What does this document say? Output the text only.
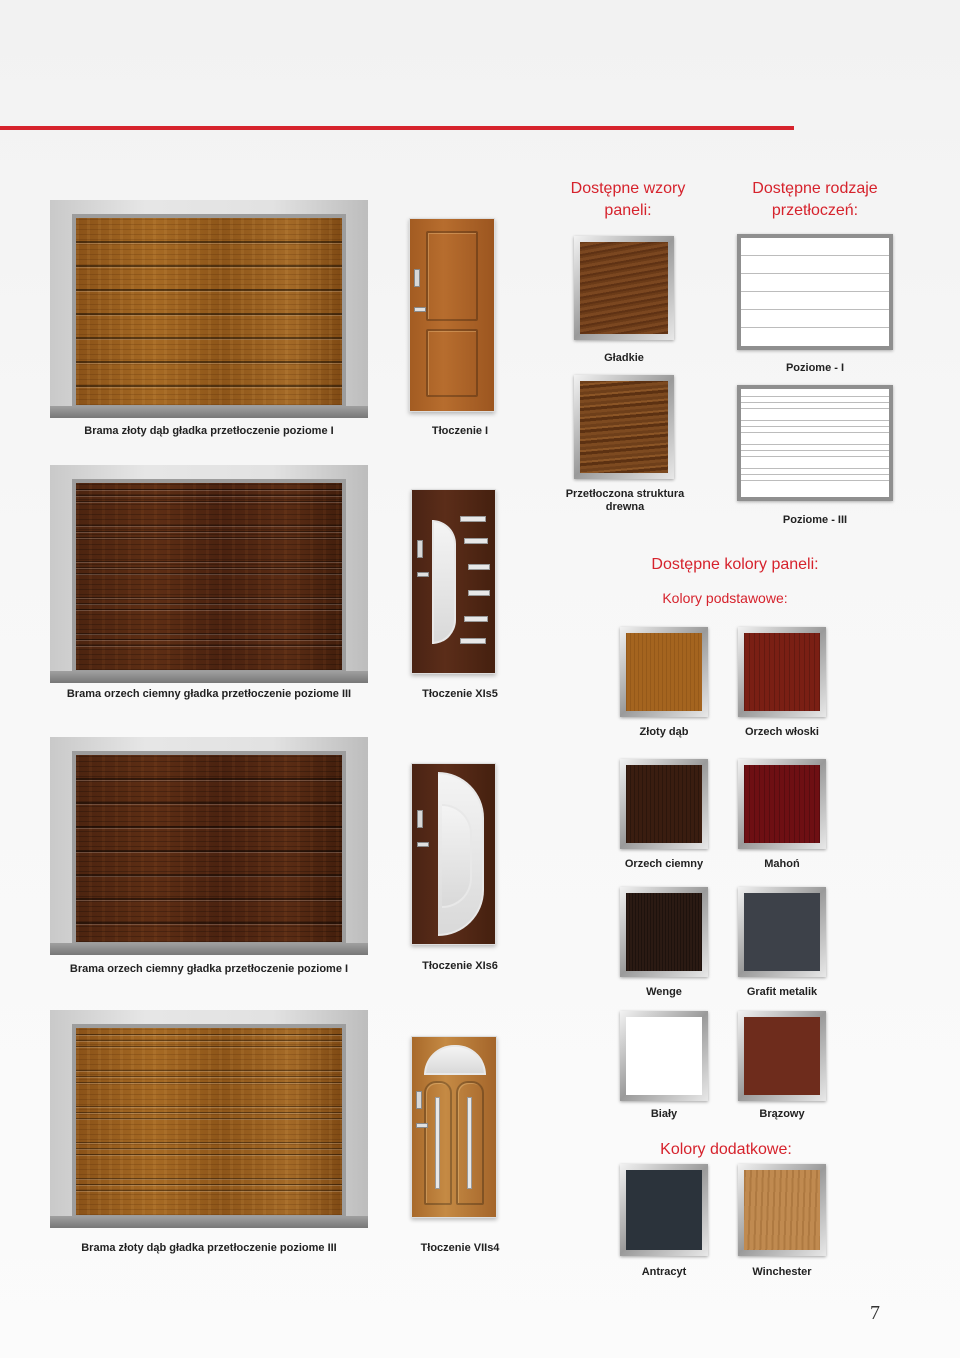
Dostępne wzory paneli:
Dostępne rodzaje przetłoczeń:
Brama złoty dąb gładka przetłoczenie poziome I	Tłoczenie I
Gładkie
Poziome - I
Przetłoczona struktura drewna
Poziome - III
Brama orzech ciemny gładka przetłoczenie poziome III	Tłoczenie XIs5
Dostępne kolory paneli:
Kolory podstawowe:
Złoty dąb	Orzech włoski
Brama orzech ciemny gładka przetłoczenie poziome I	Tłoczenie XIs6
Orzech ciemny	Mahoń
Wenge	Grafit metalik
Brama złoty dąb gładka przetłoczenie poziome III	Tłoczenie VIIs4
Biały	Brązowy
Kolory dodatkowe:
Antracyt	Winchester
7
